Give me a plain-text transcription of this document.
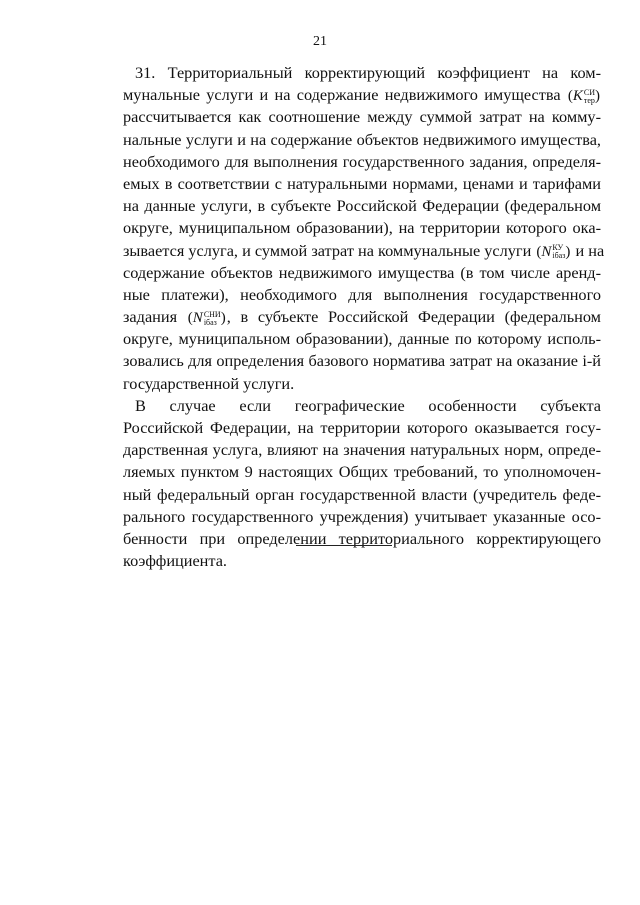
21
31. Территориальный корректирующий коэффициент на ком-
мунальные услуги и на содержание недвижимого имущества (K СИ
тер )
рассчитывается как соотношение между суммой затрат на комму-
нальные услуги и на содержание объектов недвижимого имущества,
необходимого для выполнения государственного задания, определя-
емых в соответствии с натуральными нормами, ценами и тарифами
на данные услуги, в субъекте Российской Федерации (федеральном
округе, муниципальном образовании), на территории которого ока-
зывается услуга, и суммой затрат на коммунальные услуги (N КУ
iбаз ) и на
содержание объектов недвижимого имущества (в том числе аренд-
ные платежи), необходимого для выполнения государственного
задания (N СНИ
iбаз ), в субъекте Российской Федерации (федеральном
округе, муниципальном образовании), данные по которому исполь-
зовались для определения базового норматива затрат на оказание i-й
государственной услуги.
В случае если географические особенности субъекта
Российской Федерации, на территории которого оказывается госу-
дарственная услуга, влияют на значения натуральных норм, опреде-
ляемых пунктом 9 настоящих Общих требований, то уполномочен-
ный федеральный орган государственной власти (учредитель феде-
рального государственного учреждения) учитывает указанные осо-
бенности при определении территориального корректирующего
коэффициента.
